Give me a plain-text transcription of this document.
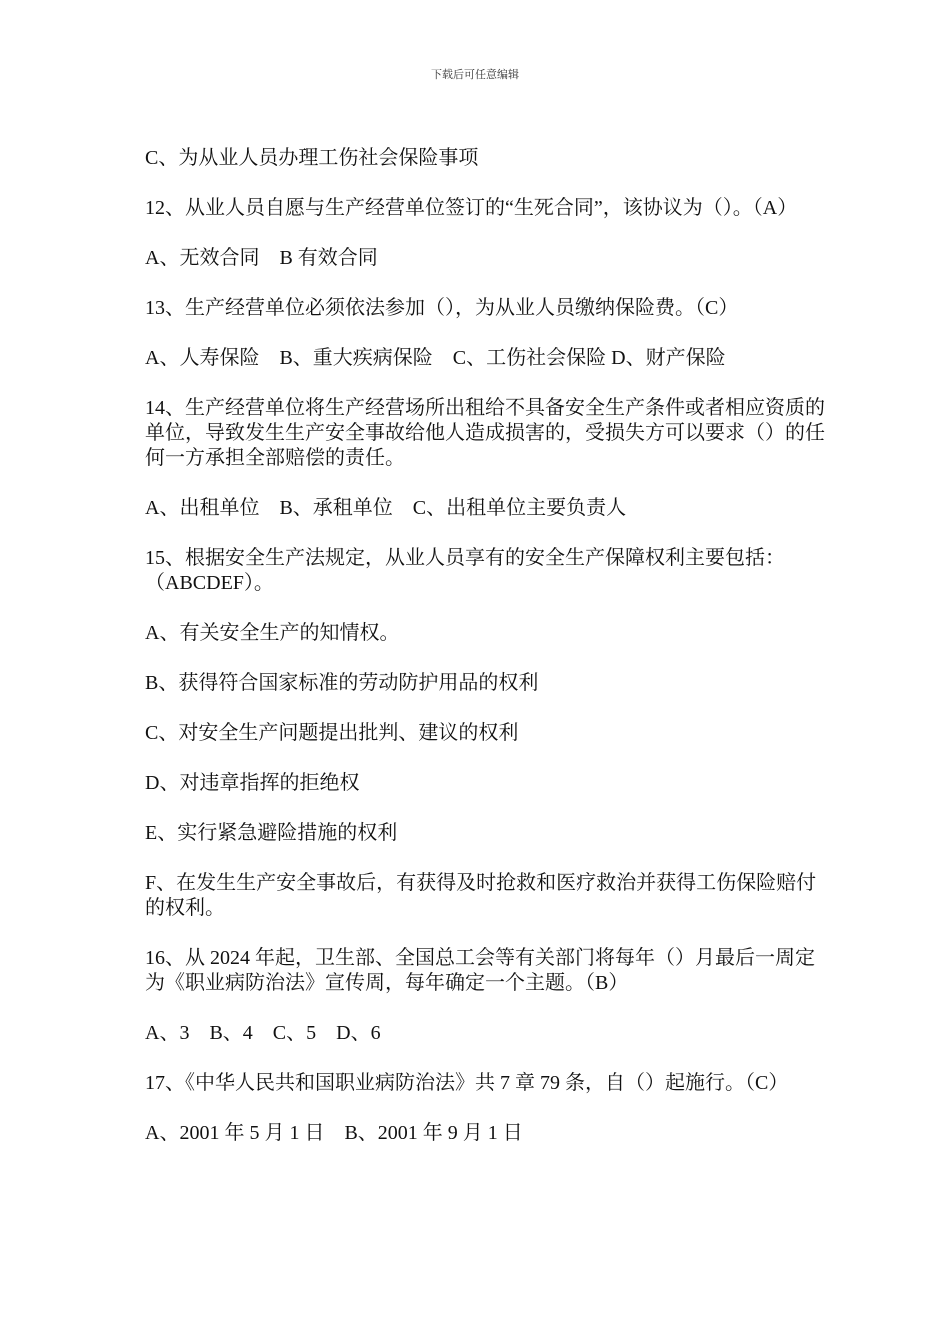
下载后可任意编辑

C、为从业人员办理工伤社会保险事项

12、从业人员自愿与生产经营单位签订的“生死合同”，该协议为（）。（A）

A、无效合同　B 有效合同

13、生产经营单位必须依法参加（），为从业人员缴纳保险费。（C）

A、人寿保险　B、重大疾病保险　C、工伤社会保险 D、财产保险

14、生产经营单位将生产经营场所出租给不具备安全生产条件或者相应资质的单位，导致发生生产安全事故给他人造成损害的，受损失方可以要求（）的任何一方承担全部赔偿的责任。

A、出租单位　B、承租单位　C、出租单位主要负责人

15、根据安全生产法规定，从业人员享有的安全生产保障权利主要包括：（ABCDEF）。

A、有关安全生产的知情权。

B、获得符合国家标准的劳动防护用品的权利

C、对安全生产问题提出批判、建议的权利

D、对违章指挥的拒绝权

E、实行紧急避险措施的权利

F、在发生生产安全事故后，有获得及时抢救和医疗救治并获得工伤保险赔付的权利。

16、从 2024 年起，卫生部、全国总工会等有关部门将每年（）月最后一周定为《职业病防治法》宣传周，每年确定一个主题。（B）

A、3　B、4　C、5　D、6

17、《中华人民共和国职业病防治法》共 7 章 79 条，自（）起施行。（C）

A、2001 年 5 月 1 日　B、2001 年 9 月 1 日
